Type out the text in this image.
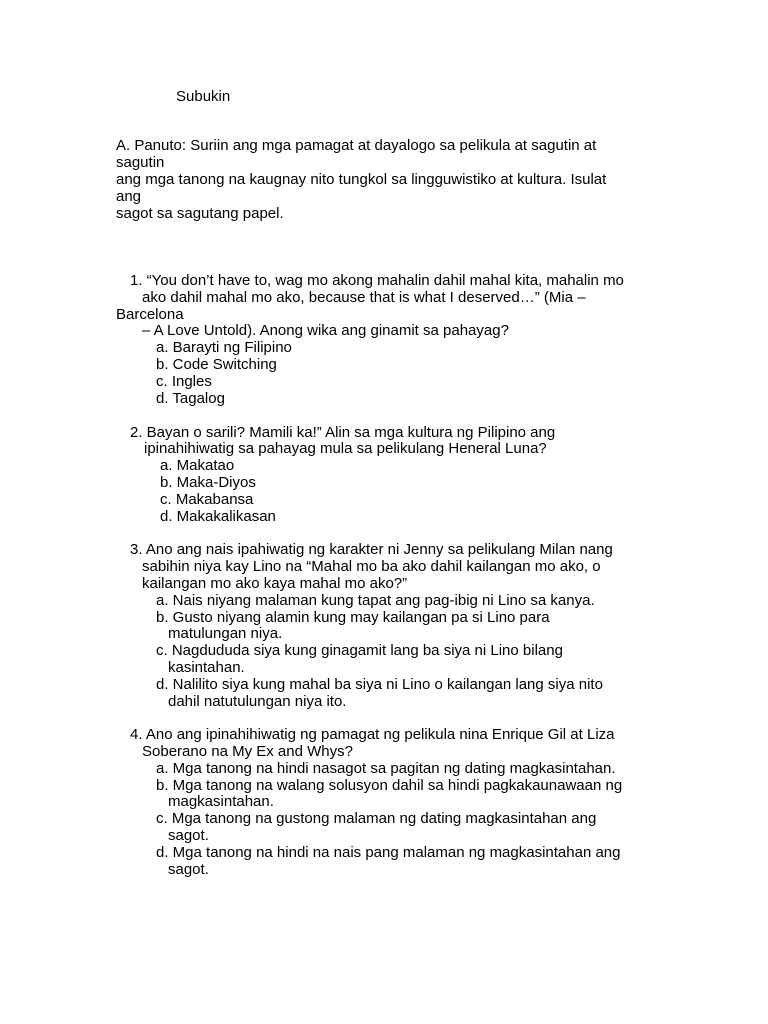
Subukin
A. Panuto: Suriin ang mga pamagat at dayalogo sa pelikula at sagutin at
sagutin
ang mga tanong na kaugnay nito tungkol sa lingguwistiko at kultura. Isulat
ang
sagot sa sagutang papel.
1. “You don’t have to, wag mo akong mahalin dahil mahal kita, mahalin mo
ako dahil mahal mo ako, because that is what I deserved…” (Mia –
Barcelona
– A Love Untold). Anong wika ang ginamit sa pahayag?
a. Barayti ng Filipino
b. Code Switching
c. Ingles
d. Tagalog
2. Bayan o sarili? Mamili ka!” Alin sa mga kultura ng Pilipino ang
ipinahihiwatig sa pahayag mula sa pelikulang Heneral Luna?
a. Makatao
b. Maka-Diyos
c. Makabansa
d. Makakalikasan
3. Ano ang nais ipahiwatig ng karakter ni Jenny sa pelikulang Milan nang
sabihin niya kay Lino na “Mahal mo ba ako dahil kailangan mo ako, o
kailangan mo ako kaya mahal mo ako?”
a. Nais niyang malaman kung tapat ang pag-ibig ni Lino sa kanya.
b. Gusto niyang alamin kung may kailangan pa si Lino para
matulungan niya.
c. Nagdududa siya kung ginagamit lang ba siya ni Lino bilang
kasintahan.
d. Nalilito siya kung mahal ba siya ni Lino o kailangan lang siya nito
dahil natutulungan niya ito.
4. Ano ang ipinahihiwatig ng pamagat ng pelikula nina Enrique Gil at Liza
Soberano na My Ex and Whys?
a. Mga tanong na hindi nasagot sa pagitan ng dating magkasintahan.
b. Mga tanong na walang solusyon dahil sa hindi pagkakaunawaan ng
magkasintahan.
c. Mga tanong na gustong malaman ng dating magkasintahan ang
sagot.
d. Mga tanong na hindi na nais pang malaman ng magkasintahan ang
sagot.
